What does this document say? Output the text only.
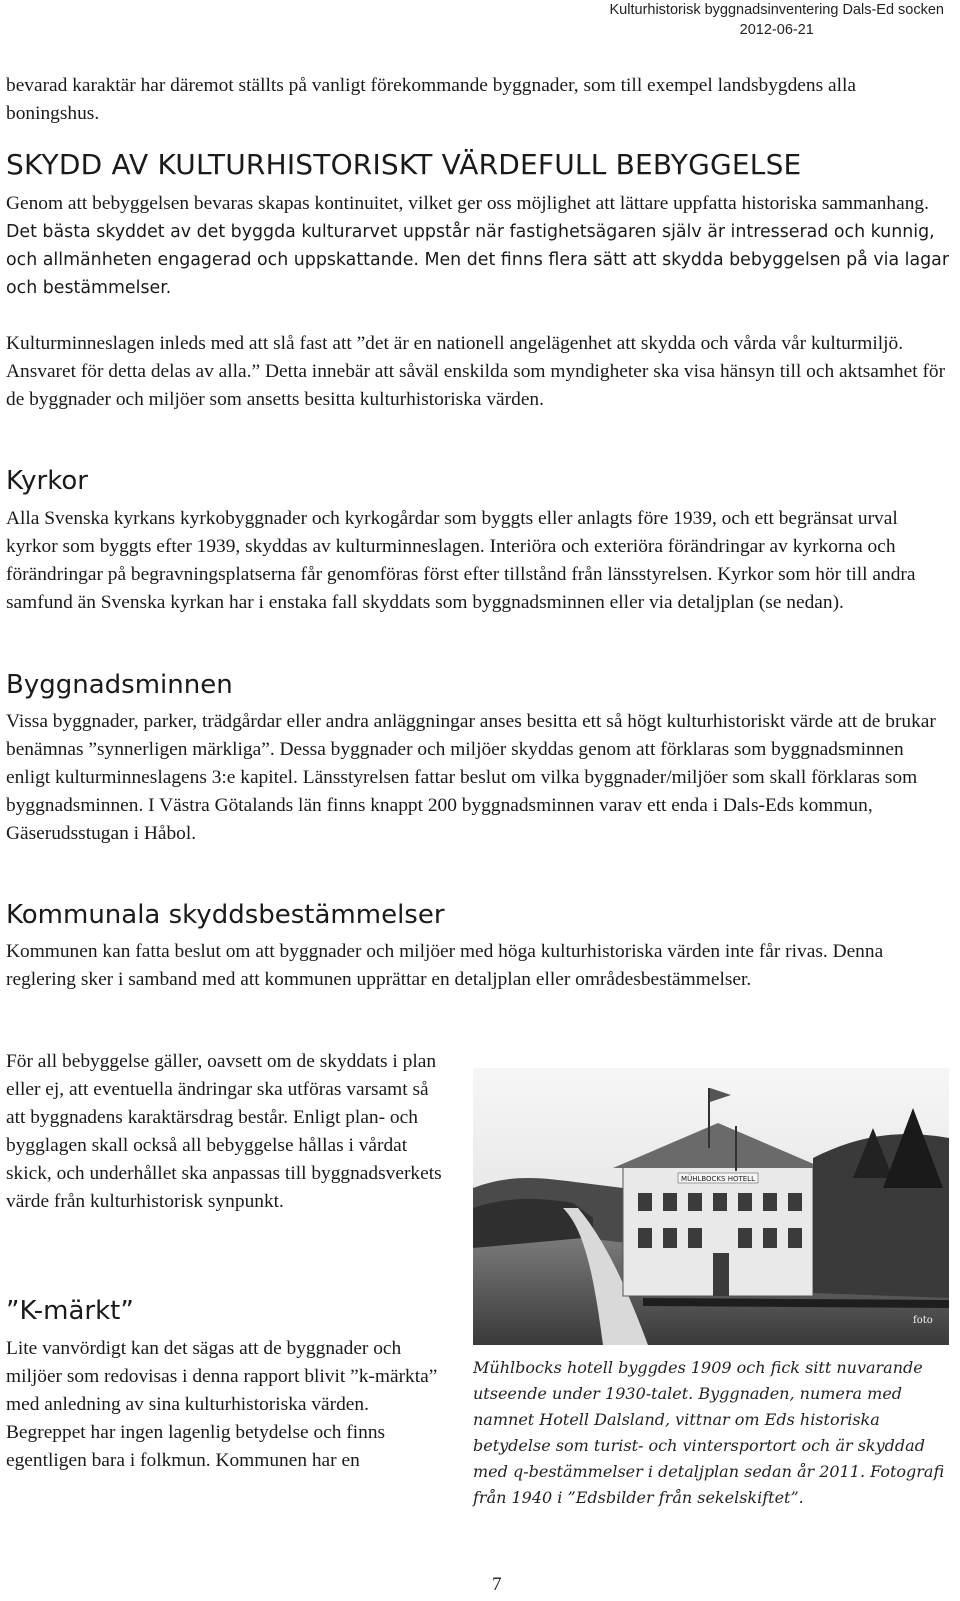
Kulturhistorisk byggnadsinventering Dals-Ed socken
2012-06-21

bevarad karaktär har däremot ställts på vanligt förekommande byggnader, som till exempel landsbygdens alla boningshus.

SKYDD AV KULTURHISTORISKT VÄRDEFULL BEBYGGELSE

Genom att bebyggelsen bevaras skapas kontinuitet, vilket ger oss möjlighet att lättare uppfatta historiska sammanhang. Det bästa skyddet av det byggda kulturarvet uppstår när fastighetsägaren själv är intresserad och kunnig, och allmänheten engagerad och uppskattande. Men det finns flera sätt att skydda bebyggelsen på via lagar och bestämmelser.

Kulturminneslagen inleds med att slå fast att ”det är en nationell angelägenhet att skydda och vårda vår kulturmiljö. Ansvaret för detta delas av alla.” Detta innebär att såväl enskilda som myndigheter ska visa hänsyn till och aktsamhet för de byggnader och miljöer som ansetts besitta kulturhistoriska värden.

Kyrkor

Alla Svenska kyrkans kyrkobyggnader och kyrkogårdar som byggts eller anlagts före 1939, och ett begränsat urval kyrkor som byggts efter 1939, skyddas av kulturminneslagen. Interiöra och exteriöra förändringar av kyrkorna och förändringar på begravningsplatserna får genomföras först efter tillstånd från länsstyrelsen. Kyrkor som hör till andra samfund än Svenska kyrkan har i enstaka fall skyddats som byggnadsminnen eller via detaljplan (se nedan).

Byggnadsminnen

Vissa byggnader, parker, trädgårdar eller andra anläggningar anses besitta ett så högt kulturhistoriskt värde att de brukar benämnas ”synnerligen märkliga”. Dessa byggnader och miljöer skyddas genom att förklaras som byggnadsminnen enligt kulturminneslagens 3:e kapitel. Länsstyrelsen fattar beslut om vilka byggnader/miljöer som skall förklaras som byggnadsminnen. I Västra Götalands län finns knappt 200 byggnadsminnen varav ett enda i Dals-Eds kommun, Gäserudsstugan i Håbol.

Kommunala skyddsbestämmelser

Kommunen kan fatta beslut om att byggnader och miljöer med höga kulturhistoriska värden inte får rivas. Denna reglering sker i samband med att kommunen upprättar en detaljplan eller områdesbestämmelser.

För all bebyggelse gäller, oavsett om de skyddats i plan eller ej, att eventuella ändringar ska utföras varsamt så att byggnadens karaktärsdrag består. Enligt plan- och bygglagen skall också all bebyggelse hållas i vårdat skick, och underhållet ska anpassas till byggnadsverkets värde från kulturhistorisk synpunkt.

”K-märkt”

Lite vanvördigt kan det sägas att de byggnader och miljöer som redovisas i denna rapport blivit ”k-märkta” med anledning av sina kulturhistoriska värden. Begreppet har ingen lagenlig betydelse och finns egentligen bara i folkmun. Kommunen har en

MÜHLBOCKS HOTELL
foto
Mühlbocks hotell byggdes 1909 och fick sitt nuvarande utseende under 1930-talet. Byggnaden, numera med namnet Hotell Dalsland, vittnar om Eds historiska betydelse som turist- och vintersportort och är skyddad med q-bestämmelser i detaljplan sedan år 2011. Fotografi från 1940 i ”Edsbilder från sekelskiftet”.
7
